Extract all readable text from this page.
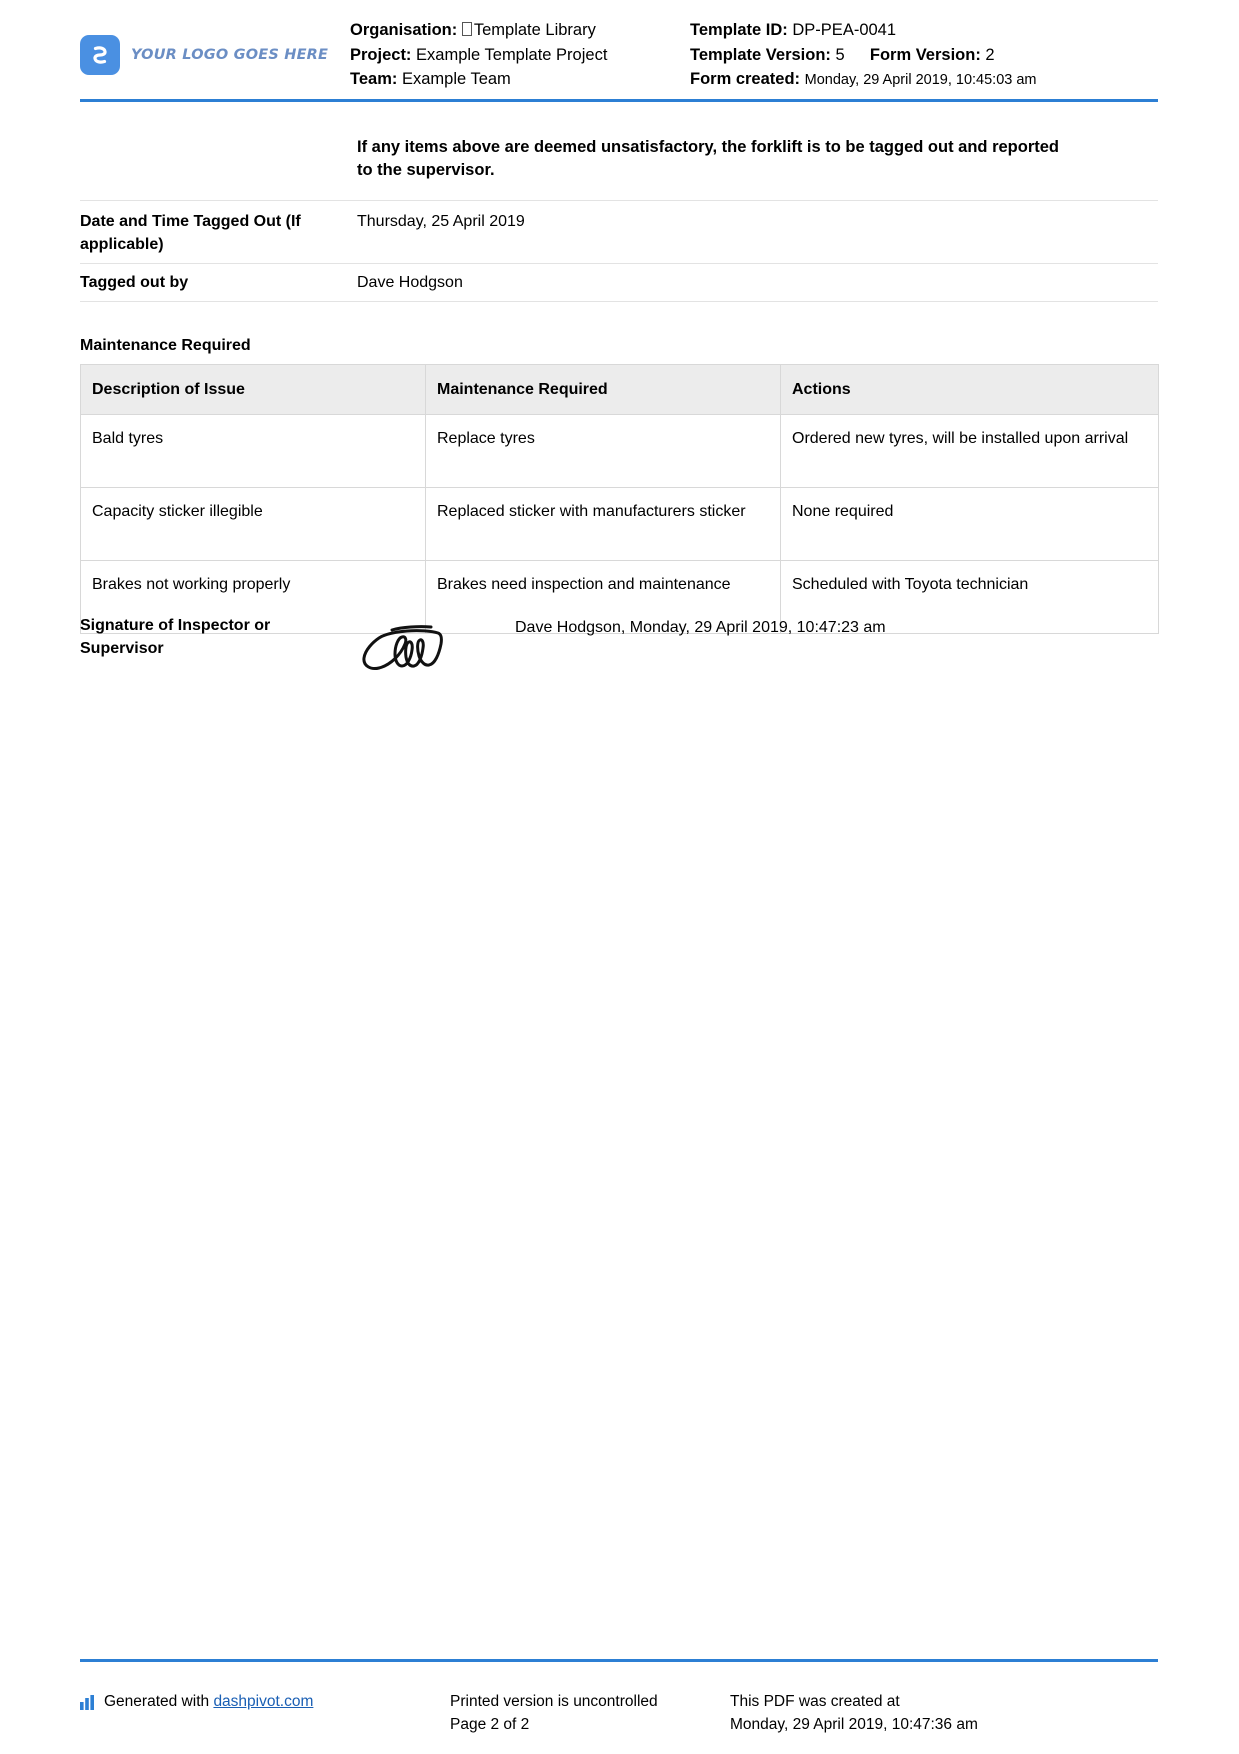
YOUR LOGO GOES HERE
Organisation: Template Library
Project: Example Template Project
Team: Example Team
Template ID: DP-PEA-0041
Template Version: 5 Form Version: 2
Form created: Monday, 29 April 2019, 10:45:03 am
If any items above are deemed unsatisfactory, the forklift is to be tagged out and reported to the supervisor.
Date and Time Tagged Out (If applicable)
Thursday, 25 April 2019
Tagged out by	Dave Hodgson
Maintenance Required
Description of Issue	Maintenance Required	Actions
Bald tyres	Replace tyres	Ordered new tyres, will be installed upon arrival
Capacity sticker illegible	Replaced sticker with manufacturers sticker	None required
Brakes not working properly	Brakes need inspection and maintenance	Scheduled with Toyota technician
Signature of Inspector or Supervisor
Dave Hodgson, Monday, 29 April 2019, 10:47:23 am
Generated with dashpivot.com	Printed version is uncontrolled
Page 2 of 2
This PDF was created at
Monday, 29 April 2019, 10:47:36 am
